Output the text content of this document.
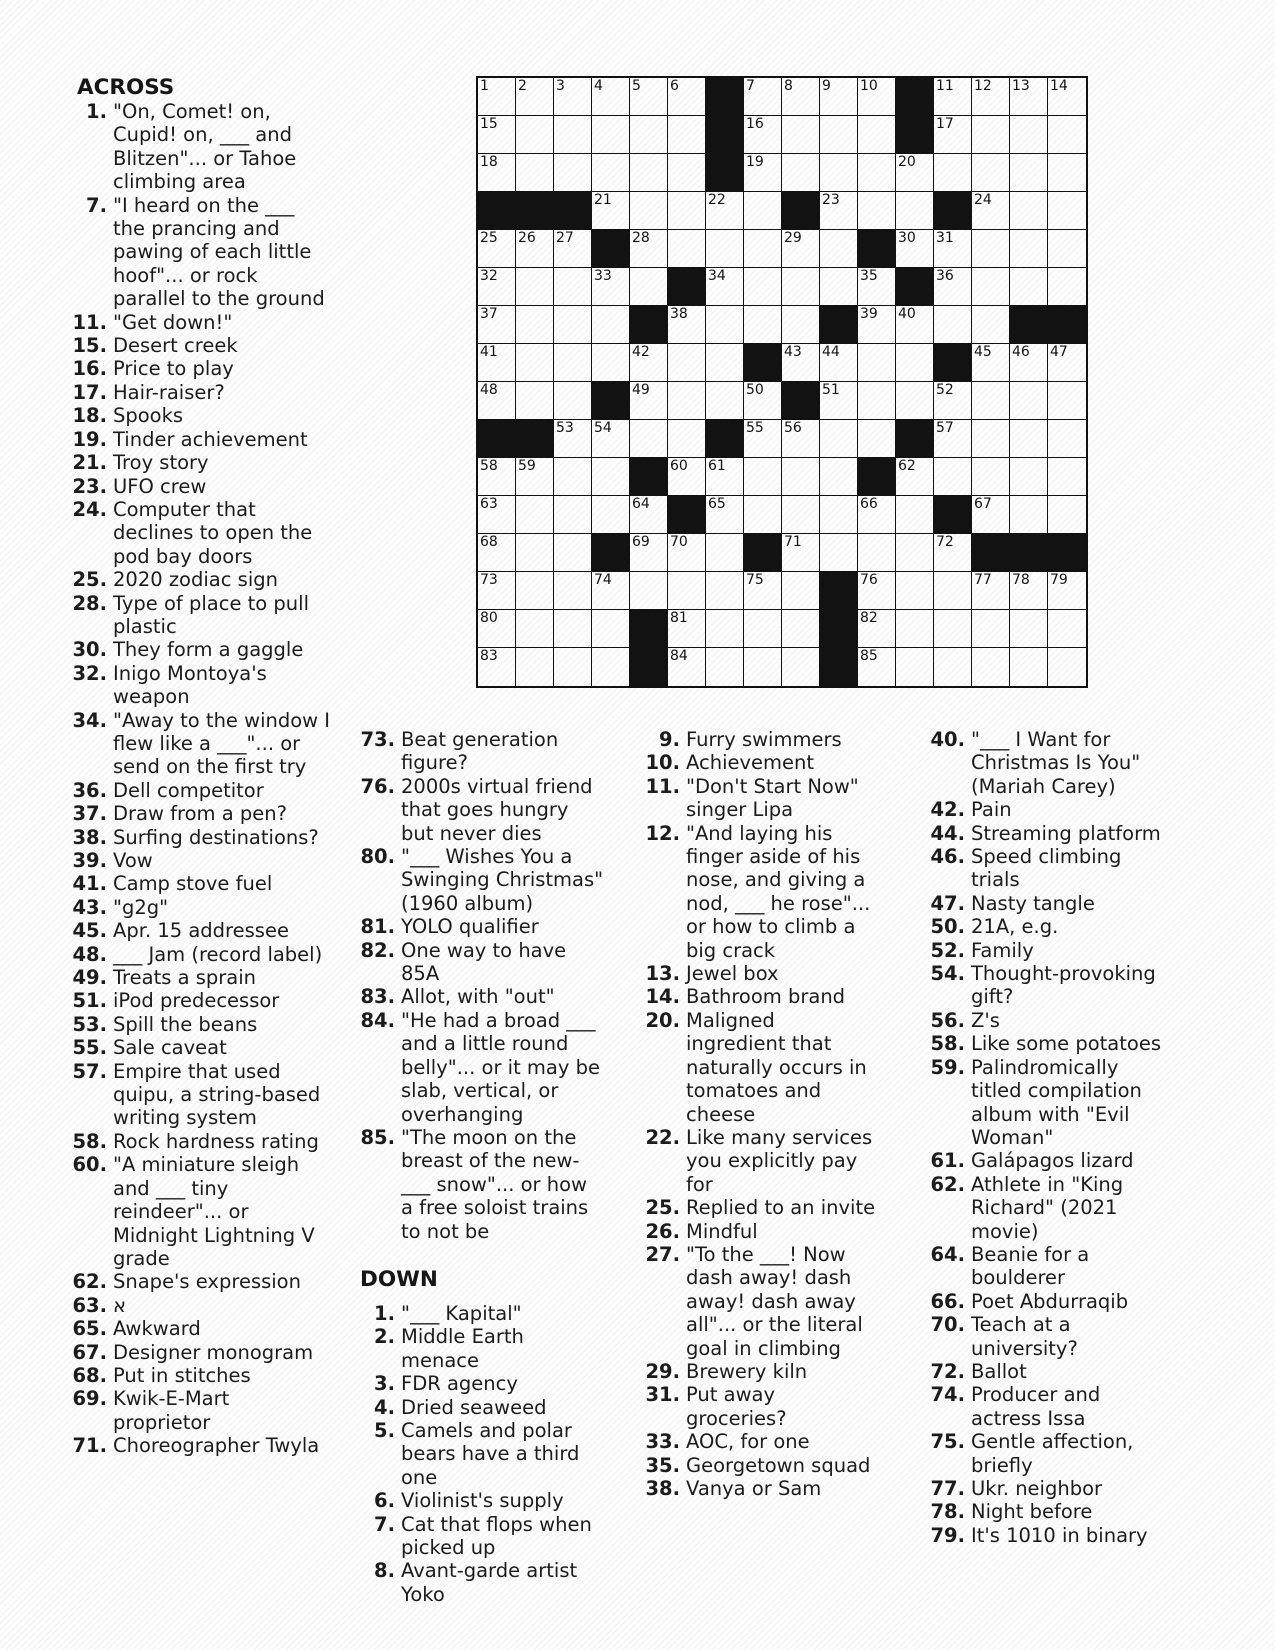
1 2 3 4 5 6	7 8 9 10	11 12 13 14
15	16	17
18	19	20
21	22	23	24
25 26 27	28	29	30 31
32	33	34	35	36
37	38	39 40
41	42	43 44	45 46 47
48	49	50	51	52
53 54	55 56	57
58 59	60 61	62
63	64	65	66	67
68	69 70	71	72
73	74	75	76	77 78 79
80	81	82
83	84	85
ACROSS
1. "On, Comet! on, Cupid! on, ___ and Blitzen"... or Tahoe climbing area
7. "I heard on the ___ the prancing and pawing of each little hoof"... or rock parallel to the ground
11. "Get down!"
15. Desert creek
16. Price to play
17. Hair-raiser?
18. Spooks
19. Tinder achievement
21. Troy story
23. UFO crew
24. Computer that declines to open the pod bay doors
25. 2020 zodiac sign
28. Type of place to pull plastic
30. They form a gaggle
32. Inigo Montoya's weapon
34. "Away to the window I flew like a ___"... or send on the first try
36. Dell competitor
37. Draw from a pen?
38. Surfing destinations?
39. Vow
41. Camp stove fuel
43. "g2g"
45. Apr. 15 addressee
48. ___ Jam (record label)
49. Treats a sprain
51. iPod predecessor
53. Spill the beans
55. Sale caveat
57. Empire that used quipu, a string-based writing system
58. Rock hardness rating
60. "A miniature sleigh and ___ tiny reindeer"... or Midnight Lightning V grade
62. Snape's expression
63. א
65. Awkward
67. Designer monogram
68. Put in stitches
69. Kwik-E-Mart proprietor
71. Choreographer Twyla
73. Beat generation figure?
76. 2000s virtual friend that goes hungry but never dies
80. "___ Wishes You a Swinging Christmas" (1960 album)
81. YOLO qualifier
82. One way to have 85A
83. Allot, with "out"
84. "He had a broad ___ and a little round belly"... or it may be slab, vertical, or overhanging
85. "The moon on the breast of the new-___ snow"... or how a free soloist trains to not be
DOWN
1. "___ Kapital"
2. Middle Earth menace
3. FDR agency
4. Dried seaweed
5. Camels and polar bears have a third one
6. Violinist's supply
7. Cat that flops when picked up
8. Avant-garde artist Yoko
9. Furry swimmers
10. Achievement
11. "Don't Start Now" singer Lipa
12. "And laying his finger aside of his nose, and giving a nod, ___ he rose"... or how to climb a big crack
13. Jewel box
14. Bathroom brand
20. Maligned ingredient that naturally occurs in tomatoes and cheese
22. Like many services you explicitly pay for
25. Replied to an invite
26. Mindful
27. "To the ___! Now dash away! dash away! dash away all"... or the literal goal in climbing
29. Brewery kiln
31. Put away groceries?
33. AOC, for one
35. Georgetown squad
38. Vanya or Sam
40. "___ I Want for Christmas Is You" (Mariah Carey)
42. Pain
44. Streaming platform
46. Speed climbing trials
47. Nasty tangle
50. 21A, e.g.
52. Family
54. Thought-provoking gift?
56. Z's
58. Like some potatoes
59. Palindromically titled compilation album with "Evil Woman"
61. Galápagos lizard
62. Athlete in "King Richard" (2021 movie)
64. Beanie for a boulderer
66. Poet Abdurraqib
70. Teach at a university?
72. Ballot
74. Producer and actress Issa
75. Gentle affection, briefly
77. Ukr. neighbor
78. Night before
79. It's 1010 in binary
